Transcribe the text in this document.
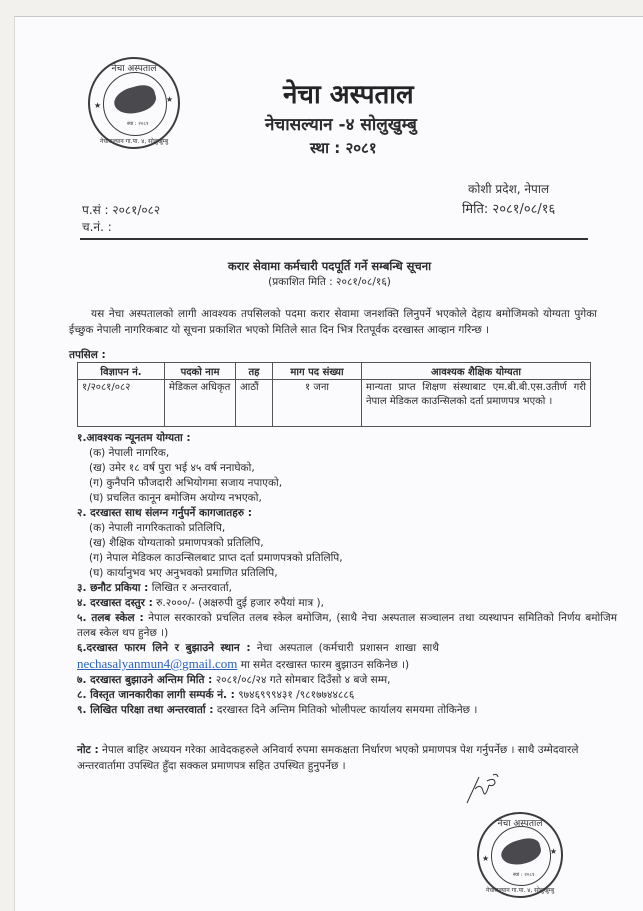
नेचा अस्पताल
नेचासल्यान गा.पा. ४, सोलुखुम्बु
★
★
स्था : २०८१
नेचा अस्पताल
नेचासल्यान -४ सोलुखुम्बु
स्था : २०८१
कोशी प्रदेश, नेपाल
मिति: २०८१/०८/१६
प.सं : २०८१/०८२
च.नं. :
करार सेवामा कर्मचारी पदपूर्ति गर्ने सम्बन्धि सूचना
(प्रकाशित मिति : २०८१/०८/१६)
यस नेचा अस्पतालको लागी आवश्यक तपसिलको पदमा करार सेवामा जनशक्ति लिनुपर्ने भएकोले देहाय बमोजिमको योग्यता पुगेका ईच्छुक नेपाली नागरिकबाट यो सूचना प्रकाशित भएको मितिले सात दिन भित्र रितपूर्वक दरखास्त आव्हान गरिन्छ ।
तपसिल :
विज्ञापन नं.	पदको नाम	तह	माग पद संख्या	आवश्यक शैक्षिक योग्यता
१/२०८१/०८२	मेडिकल अधिकृत	आठौं	१ जना	मान्यता प्राप्त शिक्षण संस्थाबाट एम.बी.बी.एस.उतीर्ण गरी नेपाल मेडिकल काउन्सिलको दर्ता प्रमाणपत्र भएको ।
१.आवश्यक न्यूनतम योग्यता :
(क) नेपाली नागरिक,
(ख) उमेर १८ वर्ष पुरा भई ४५ वर्ष ननाघेको,
(ग) कुनैपनि फौजदारी अभियोगमा सजाय नपाएको,
(घ) प्रचलित कानून बमोजिम अयोग्य नभएको,
२. दरखास्त साथ संलग्न गर्नुपर्ने कागजातहरु :
(क) नेपाली नागरिकताको प्रतिलिपि,
(ख) शैक्षिक योग्यताको प्रमाणपत्रको प्रतिलिपि,
(ग) नेपाल मेडिकल काउन्सिलबाट प्राप्त दर्ता प्रमाणपत्रको प्रतिलिपि,
(घ) कार्यानुभव भए अनुभवको प्रमाणित प्रतिलिपि,
३. छनौट प्रकिया : लिखित र अन्तरवार्ता,
४. दरखास्त दस्तुर : रु.२०००/- (अक्षरुपी दुई हजार रुपैयां मात्र ),
५. तलब स्केल : नेपाल सरकारको प्रचलित तलब स्केल बमोजिम, (साथै नेचा अस्पताल सञ्चालन तथा व्यस्थापन समितिको निर्णय बमोजिम तलब स्केल थप हुनेछ ।)
६.दरखास्त फारम लिने र बुझाउने स्थान : नेचा अस्पताल (कर्मचारी प्रशासन शाखा साथै
nechasalyanmun4@gmail.com मा समेत दरखास्त फारम बुझाउन सकिनेछ ।)
७. दरखास्त बुझाउने अन्तिम मिति : २०८१/०८/२४ गते सोमबार दिउँसो ४ बजे सम्म,
८. विस्तृत जानकारीका लागी सम्पर्क नं. : ९७४६९९९४३१ /९८१७७४४८८६
९. लिखित परिक्षा तथा अन्तरवार्ता : दरखास्त दिने अन्तिम मितिको भोलीपल्ट कार्यालय समयमा तोकिनेछ ।
नोट : नेपाल बाहिर अध्ययन गरेका आवेदकहरुले अनिवार्य रुपमा समकक्षता निर्धारण भएको प्रमाणपत्र पेश गर्नुपर्नेछ । साथै उम्मेदवारले अन्तरवार्तामा उपस्थित हुँदा सक्कल प्रमाणपत्र सहित उपस्थित हुनुपर्नेछ ।
नेचा अस्पताल
नेचासल्यान गा.पा. ४, सोलुखुम्बु
★
★
स्था : २०८१
